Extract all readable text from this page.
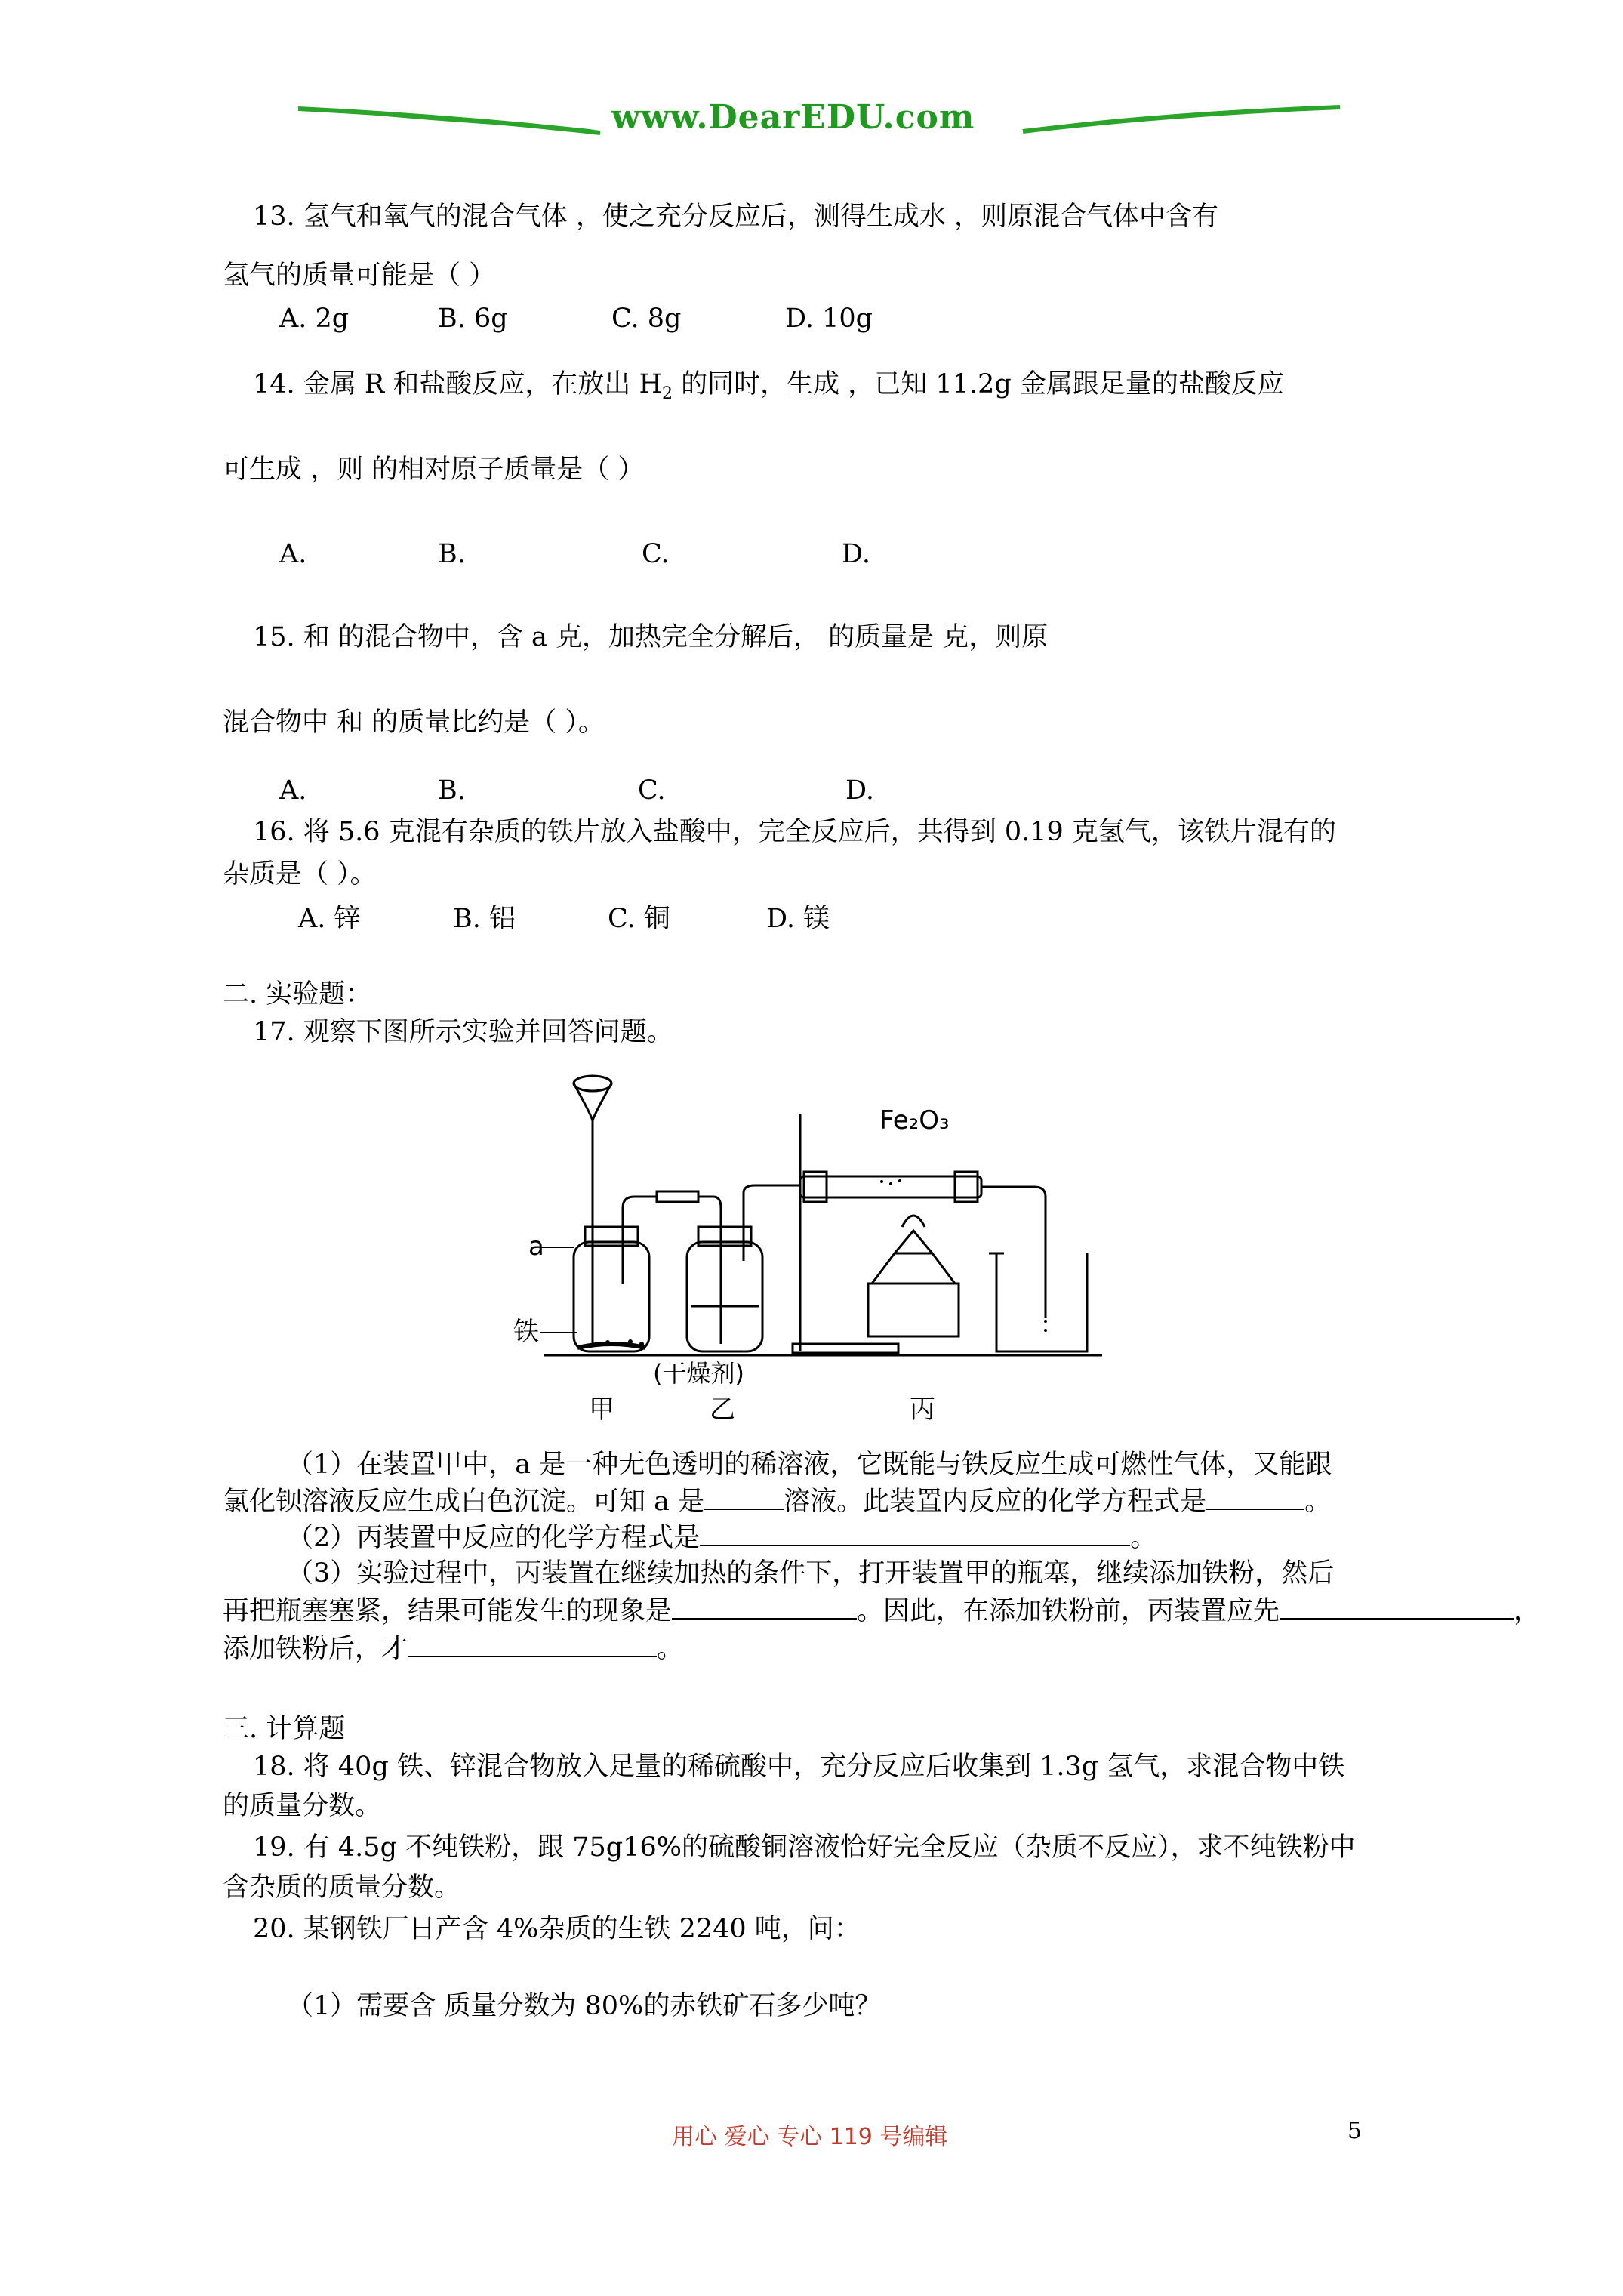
www.DearEDU.com
13. 氢气和氧气的混合气体 ，使之充分反应后，测得生成水 ，则原混合气体中含有
氢气的质量可能是（ ）
A. 2g	B. 6g	C. 8g	D. 10g
14. 金属 R 和盐酸反应，在放出 $H_2$ 的同时，生成 ，已知 11.2g 金属跟足量的盐酸反应
可生成 ，则 的相对原子质量是（ ）
A.	B.	C.	D.
15. 和 的混合物中，含 a 克，加热完全分解后， 的质量是 克，则原
混合物中 和 的质量比约是（ ）。
A.	B.	C.	D.
16. 将 5.6 克混有杂质的铁片放入盐酸中，完全反应后，共得到 0.19 克氢气，该铁片混有的
杂质是（ ）。
A. 锌	B. 铝	C. 铜	D. 镁
二. 实验题：
17. 观察下图所示实验并回答问题。
Fe₂O₃
a
铁
(干燥剂)
甲	乙	丙
（1）在装置甲中，a 是一种无色透明的稀溶液，它既能与铁反应生成可燃性气体，又能跟
氯化钡溶液反应生成白色沉淀。可知 a 是	溶液。此装置内反应的化学方程式是	。
（2）丙装置中反应的化学方程式是	。
（3）实验过程中，丙装置在继续加热的条件下，打开装置甲的瓶塞，继续添加铁粉，然后
再把瓶塞塞紧，结果可能发生的现象是	。因此，在添加铁粉前，丙装置应先	，
添加铁粉后，才	。
三. 计算题
18. 将 40g 铁、锌混合物放入足量的稀硫酸中，充分反应后收集到 1.3g 氢气，求混合物中铁
的质量分数。
19. 有 4.5g 不纯铁粉，跟 75g16%的硫酸铜溶液恰好完全反应（杂质不反应），求不纯铁粉中
含杂质的质量分数。
20. 某钢铁厂日产含 4%杂质的生铁 2240 吨，问：
（1）需要含 质量分数为 80%的赤铁矿石多少吨？
用心 爱心 专心 119 号编辑	5
